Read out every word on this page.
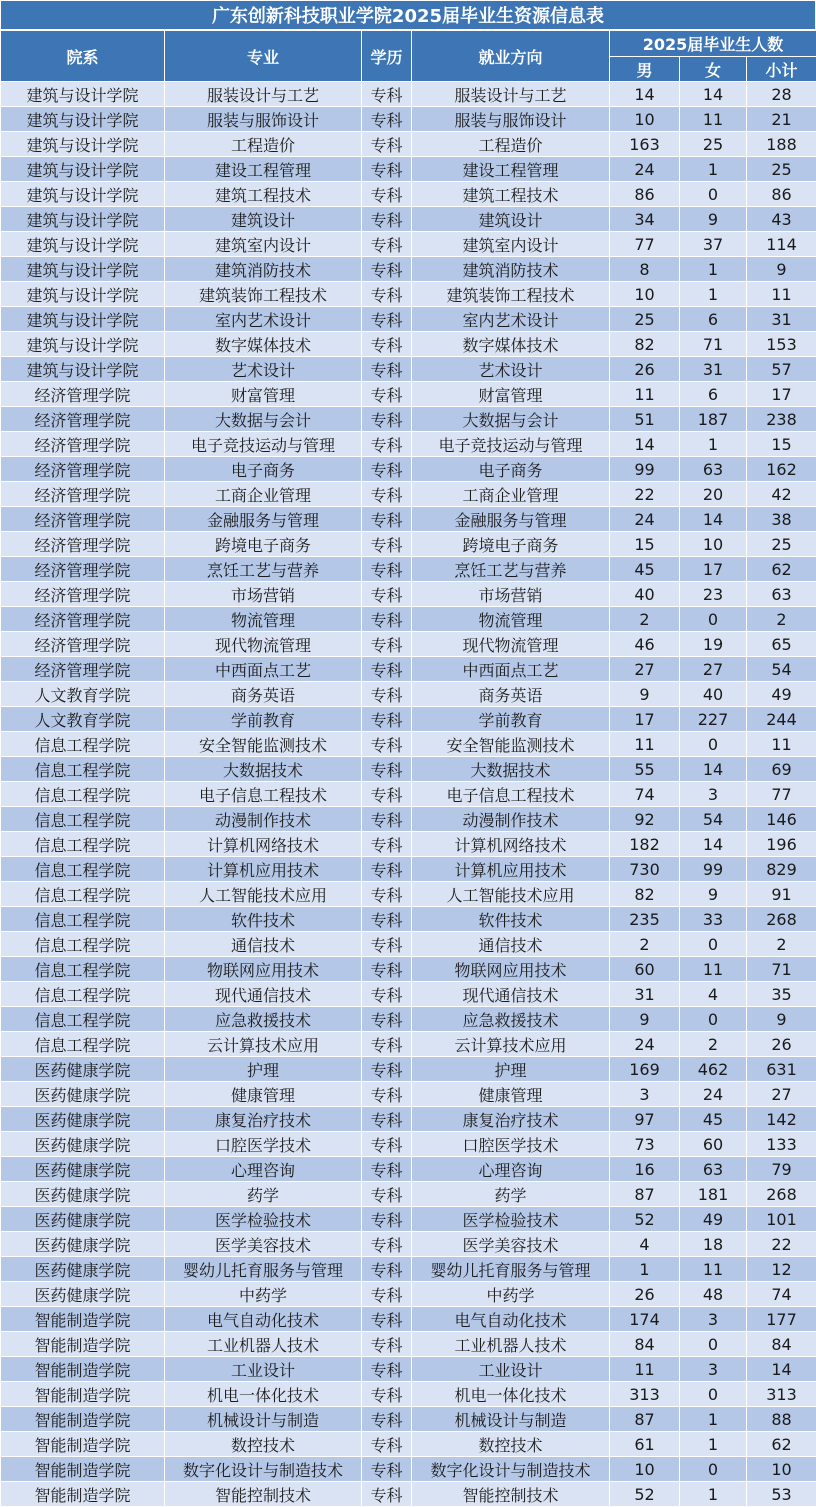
广东创新科技职业学院2025届毕业生资源信息表
院系	专业	学历	就业方向	2025届毕业生人数		
				男	女	小计
建筑与设计学院	服装设计与工艺	专科	服装设计与工艺	14	14	28
建筑与设计学院	服装与服饰设计	专科	服装与服饰设计	10	11	21
建筑与设计学院	工程造价	专科	工程造价	163	25	188
建筑与设计学院	建设工程管理	专科	建设工程管理	24	1	25
建筑与设计学院	建筑工程技术	专科	建筑工程技术	86	0	86
建筑与设计学院	建筑设计	专科	建筑设计	34	9	43
建筑与设计学院	建筑室内设计	专科	建筑室内设计	77	37	114
建筑与设计学院	建筑消防技术	专科	建筑消防技术	8	1	9
建筑与设计学院	建筑装饰工程技术	专科	建筑装饰工程技术	10	1	11
建筑与设计学院	室内艺术设计	专科	室内艺术设计	25	6	31
建筑与设计学院	数字媒体技术	专科	数字媒体技术	82	71	153
建筑与设计学院	艺术设计	专科	艺术设计	26	31	57
经济管理学院	财富管理	专科	财富管理	11	6	17
经济管理学院	大数据与会计	专科	大数据与会计	51	187	238
经济管理学院	电子竞技运动与管理	专科	电子竞技运动与管理	14	1	15
经济管理学院	电子商务	专科	电子商务	99	63	162
经济管理学院	工商企业管理	专科	工商企业管理	22	20	42
经济管理学院	金融服务与管理	专科	金融服务与管理	24	14	38
经济管理学院	跨境电子商务	专科	跨境电子商务	15	10	25
经济管理学院	烹饪工艺与营养	专科	烹饪工艺与营养	45	17	62
经济管理学院	市场营销	专科	市场营销	40	23	63
经济管理学院	物流管理	专科	物流管理	2	0	2
经济管理学院	现代物流管理	专科	现代物流管理	46	19	65
经济管理学院	中西面点工艺	专科	中西面点工艺	27	27	54
人文教育学院	商务英语	专科	商务英语	9	40	49
人文教育学院	学前教育	专科	学前教育	17	227	244
信息工程学院	安全智能监测技术	专科	安全智能监测技术	11	0	11
信息工程学院	大数据技术	专科	大数据技术	55	14	69
信息工程学院	电子信息工程技术	专科	电子信息工程技术	74	3	77
信息工程学院	动漫制作技术	专科	动漫制作技术	92	54	146
信息工程学院	计算机网络技术	专科	计算机网络技术	182	14	196
信息工程学院	计算机应用技术	专科	计算机应用技术	730	99	829
信息工程学院	人工智能技术应用	专科	人工智能技术应用	82	9	91
信息工程学院	软件技术	专科	软件技术	235	33	268
信息工程学院	通信技术	专科	通信技术	2	0	2
信息工程学院	物联网应用技术	专科	物联网应用技术	60	11	71
信息工程学院	现代通信技术	专科	现代通信技术	31	4	35
信息工程学院	应急救援技术	专科	应急救援技术	9	0	9
信息工程学院	云计算技术应用	专科	云计算技术应用	24	2	26
医药健康学院	护理	专科	护理	169	462	631
医药健康学院	健康管理	专科	健康管理	3	24	27
医药健康学院	康复治疗技术	专科	康复治疗技术	97	45	142
医药健康学院	口腔医学技术	专科	口腔医学技术	73	60	133
医药健康学院	心理咨询	专科	心理咨询	16	63	79
医药健康学院	药学	专科	药学	87	181	268
医药健康学院	医学检验技术	专科	医学检验技术	52	49	101
医药健康学院	医学美容技术	专科	医学美容技术	4	18	22
医药健康学院	婴幼儿托育服务与管理	专科	婴幼儿托育服务与管理	1	11	12
医药健康学院	中药学	专科	中药学	26	48	74
智能制造学院	电气自动化技术	专科	电气自动化技术	174	3	177
智能制造学院	工业机器人技术	专科	工业机器人技术	84	0	84
智能制造学院	工业设计	专科	工业设计	11	3	14
智能制造学院	机电一体化技术	专科	机电一体化技术	313	0	313
智能制造学院	机械设计与制造	专科	机械设计与制造	87	1	88
智能制造学院	数控技术	专科	数控技术	61	1	62
智能制造学院	数字化设计与制造技术	专科	数字化设计与制造技术	10	0	10
智能制造学院	智能控制技术	专科	智能控制技术	52	1	53
